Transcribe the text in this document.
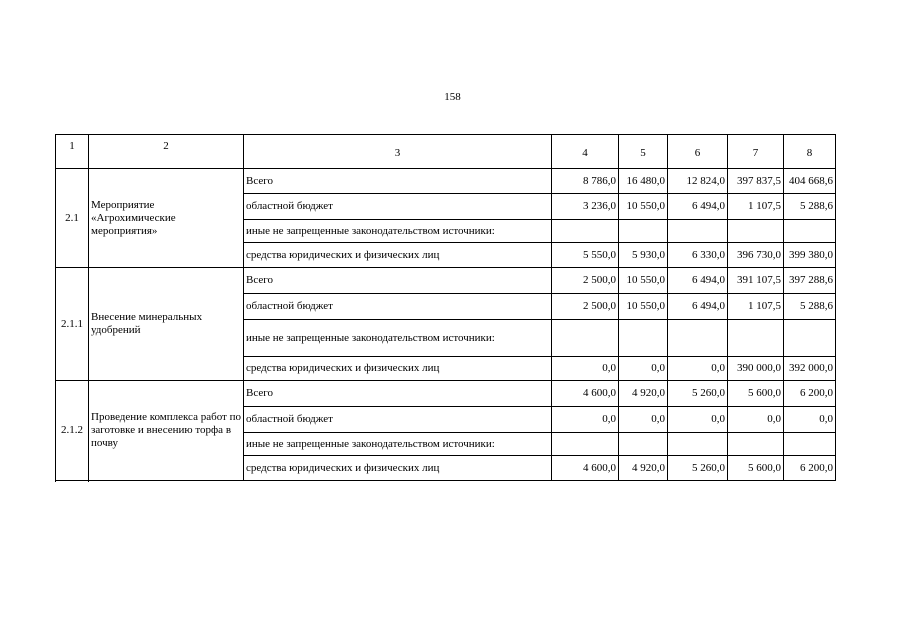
158
1	2	3	4	5	6	7	8
2.1	Мероприятие «Агрохимические мероприятия»	Всего	8 786,0	16 480,0	12 824,0	397 837,5	404 668,6
		областной бюджет	3 236,0	10 550,0	6 494,0	1 107,5	5 288,6
		иные не запрещенные законодательством источники:					
		средства юридических и физических лиц	5 550,0	5 930,0	6 330,0	396 730,0	399 380,0

2.1.1	Внесение минеральных удобрений	Всего	2 500,0	10 550,0	6 494,0	391 107,5	397 288,6
		областной бюджет	2 500,0	10 550,0	6 494,0	1 107,5	5 288,6
		иные не запрещенные законодательством источники:					
		средства юридических и физических лиц	0,0	0,0	0,0	390 000,0	392 000,0

2.1.2	Проведение комплекса работ по заготовке и внесению торфа в почву	Всего	4 600,0	4 920,0	5 260,0	5 600,0	6 200,0
		областной бюджет	0,0	0,0	0,0	0,0	0,0
		иные не запрещенные законодательством источники:					
		средства юридических и физических лиц	4 600,0	4 920,0	5 260,0	5 600,0	6 200,0
